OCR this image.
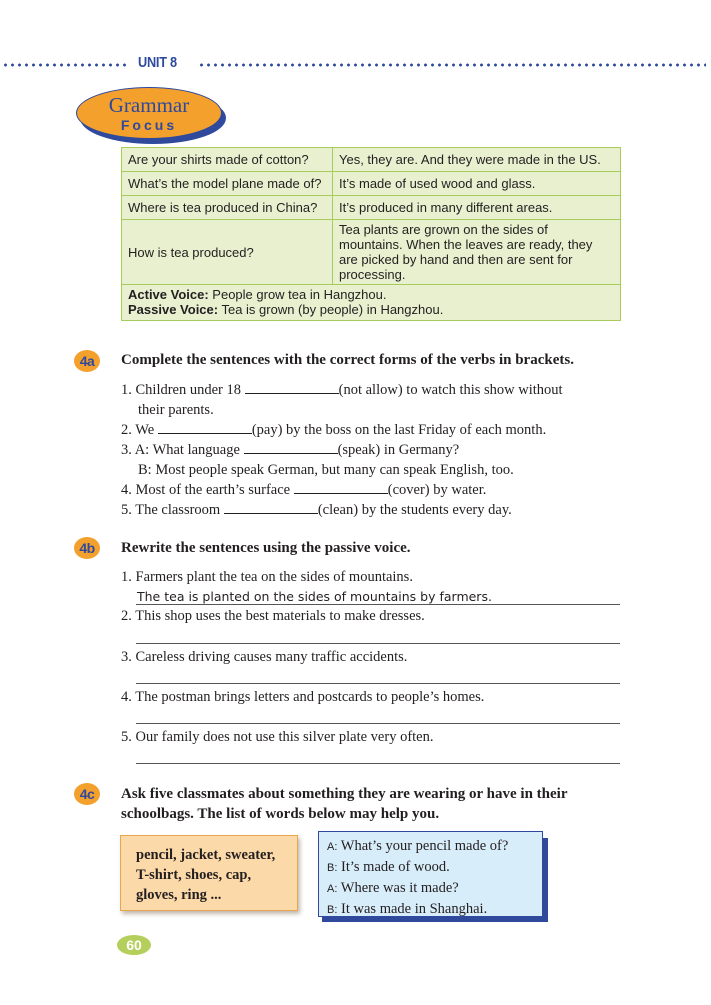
UNIT 8
Grammar
Focus
Are your shirts made of cotton?	Yes, they are. And they were made in the US.
What’s the model plane made of?	It’s made of used wood and glass.
Where is tea produced in China?	It’s produced in many different areas.
How is tea produced?	Tea plants are grown on the sides of mountains. When the leaves are ready, they are picked by hand and then are sent for processing.

Active Voice: People grow tea in Hangzhou.
Passive Voice: Tea is grown (by people) in Hangzhou.	
4a	Complete the sentences with the correct forms of the verbs in brackets.
1. Children under 18	(not allow) to watch this show without
their parents.
2. We	(pay) by the boss on the last Friday of each month.
3. A: What language	(speak) in Germany?
B: Most people speak German, but many can speak English, too.
4. Most of the earth’s surface	(cover) by water.
5. The classroom	(clean) by the students every day.
4b	Rewrite the sentences using the passive voice.
1. Farmers plant the tea on the sides of mountains.
The tea is planted on the sides of mountains by farmers.
2. This shop uses the best materials to make dresses.
3. Careless driving causes many traffic accidents.
4. The postman brings letters and postcards to people’s homes.
5. Our family does not use this silver plate very often.
4c	Ask five classmates about something they are wearing or have in their
schoolbags. The list of words below may help you.
pencil, jacket, sweater,
T-shirt, shoes, cap,
gloves, ring ...
A: What’s your pencil made of?
B: It’s made of wood.
A: Where was it made?
B: It was made in Shanghai.
60
